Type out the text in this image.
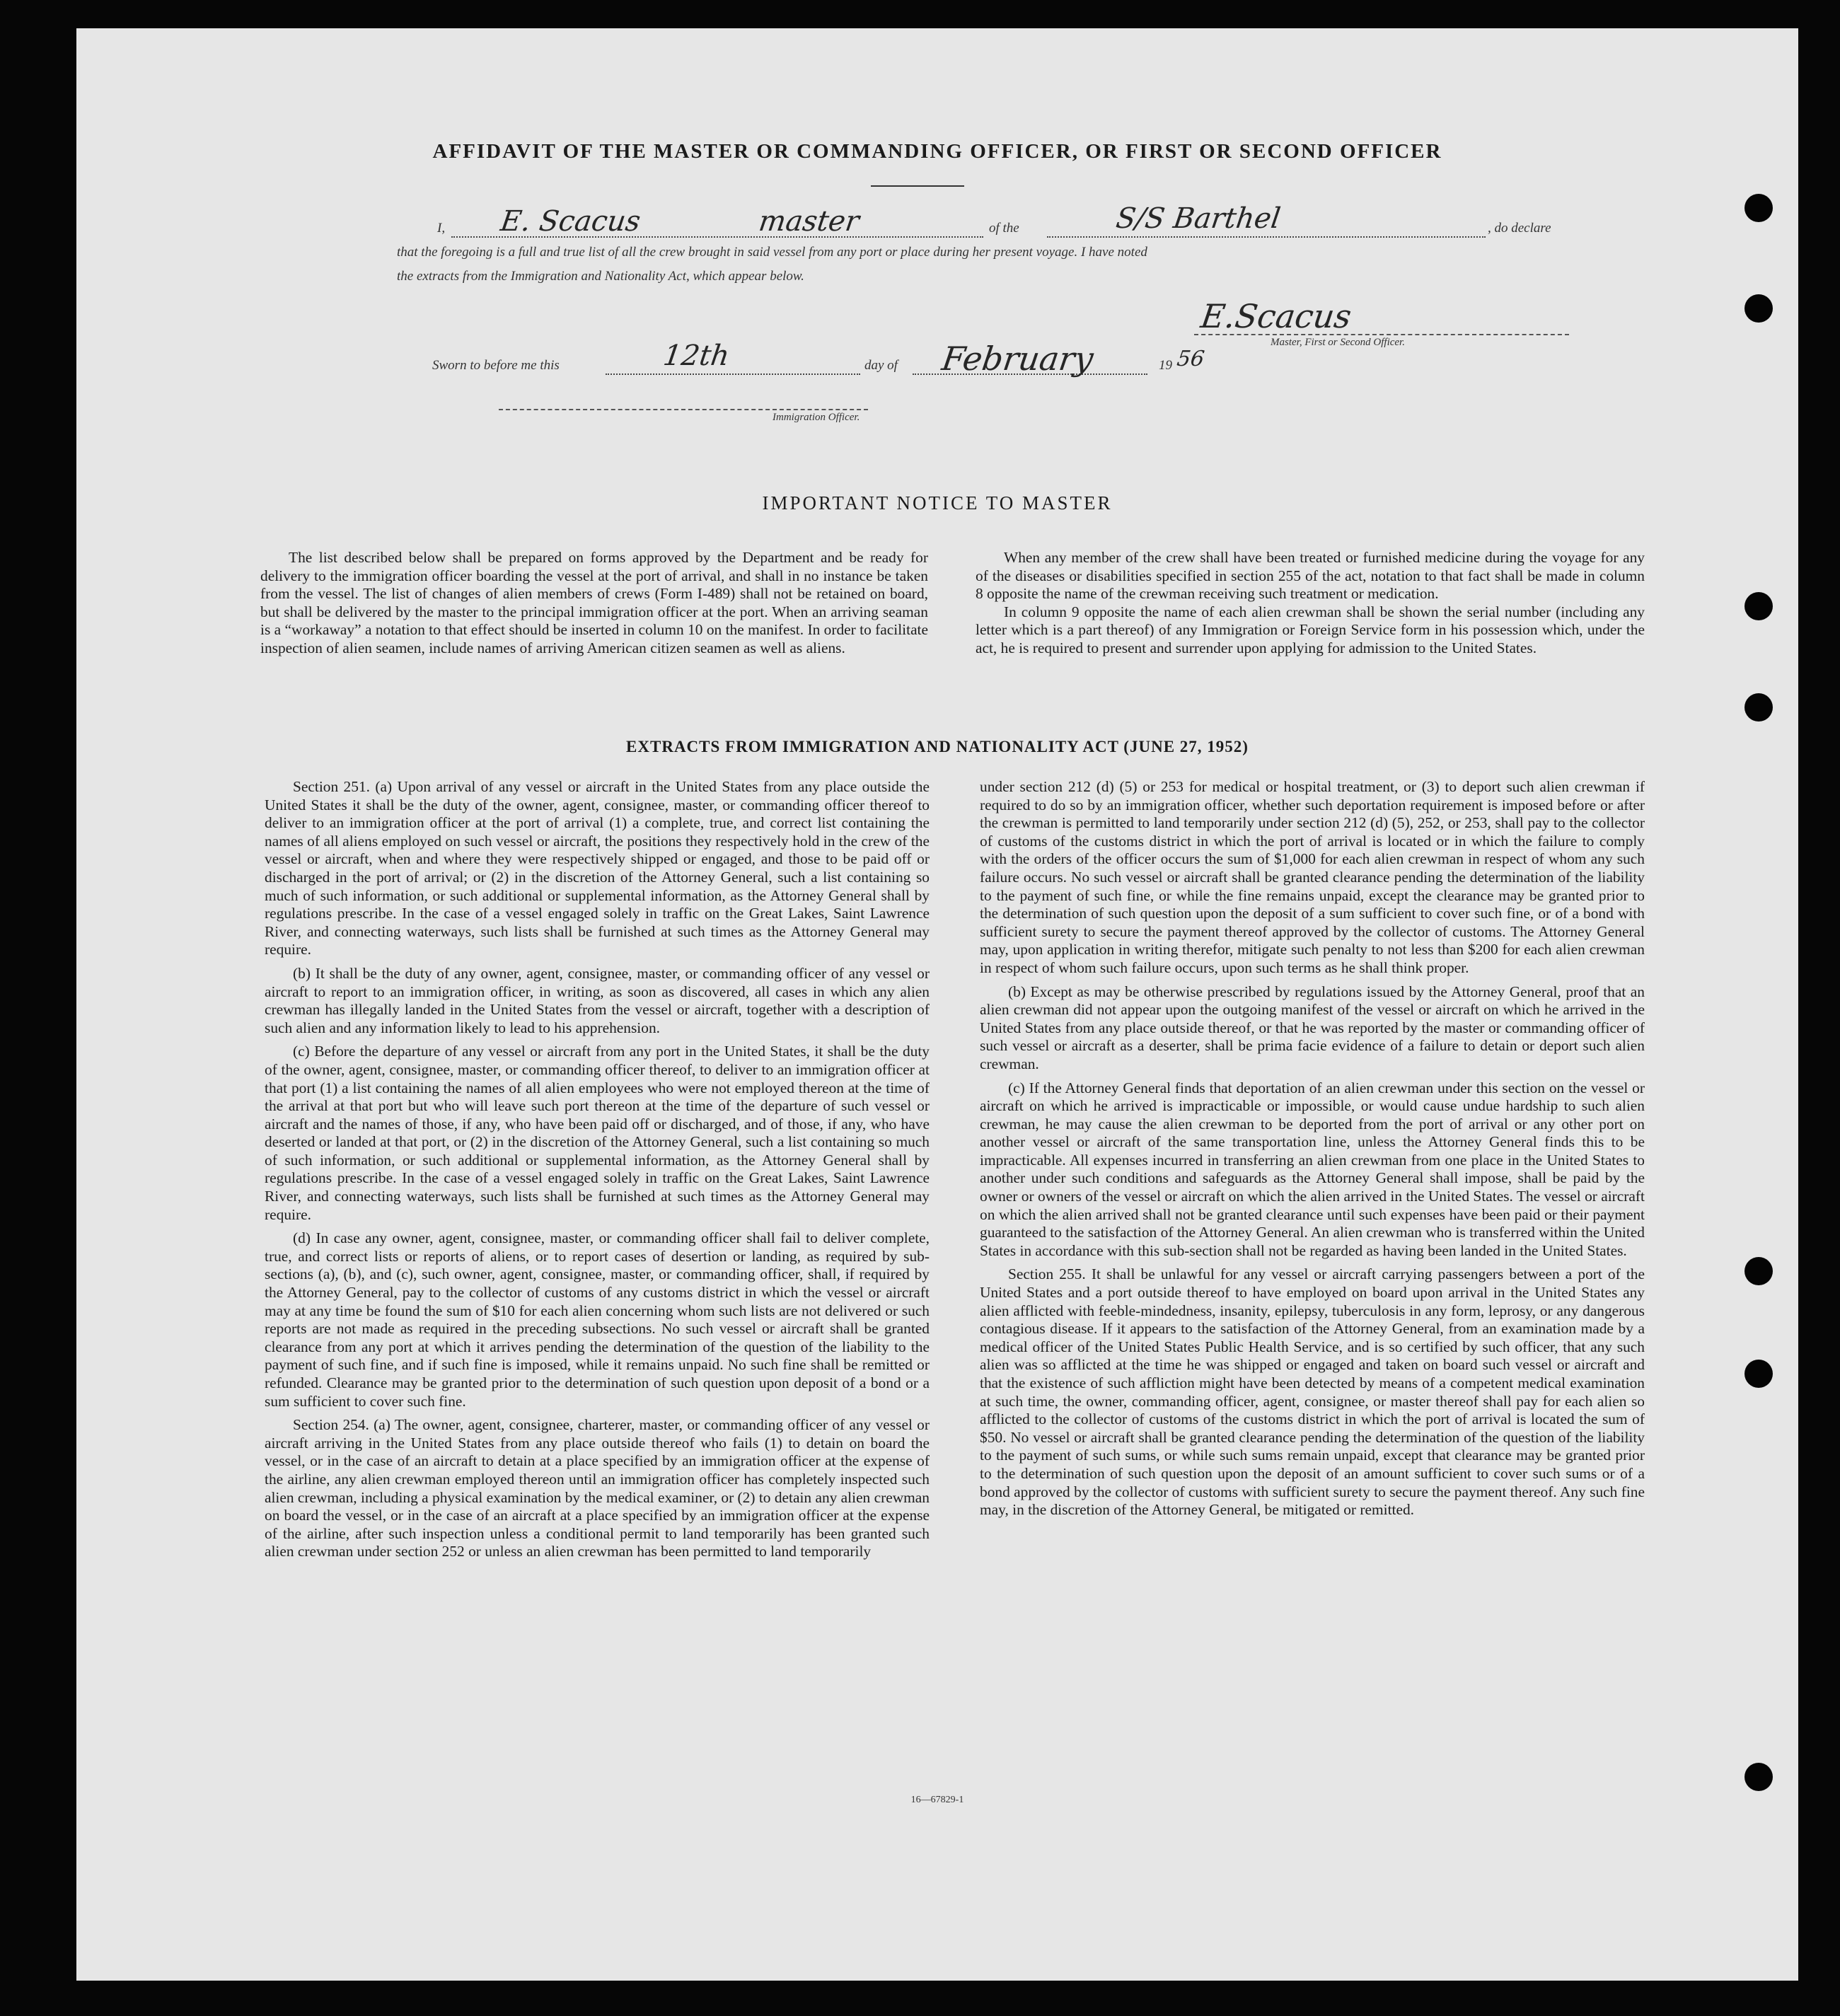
AFFIDAVIT OF THE MASTER OR COMMANDING OFFICER, OR FIRST OR SECOND OFFICER
I, E. Scacus	master	of the	S/S Barthel	, do declare
that the foregoing is a full and true list of all the crew brought in said vessel from any port or place during her present voyage. I have noted
the extracts from the Immigration and Nationality Act, which appear below.
E.Scacus
Master, First or Second Officer.
Sworn to before me this	12th	day of February	19 56
Immigration Officer.
IMPORTANT NOTICE TO MASTER

The list described below shall be prepared on forms approved by the Department and be ready for delivery to the immigration officer boarding the vessel at the port of arrival, and shall in no instance be taken from the vessel. The list of changes of alien members of crews (Form I-489) shall not be retained on board, but shall be delivered by the master to the principal immigration officer at the port. When an arriving seaman is a “workaway” a notation to that effect should be inserted in column 10 on the manifest. In order to facilitate inspection of alien seamen, include names of arriving American citizen seamen as well as aliens.

When any member of the crew shall have been treated or furnished medicine during the voyage for any of the diseases or disabilities specified in section 255 of the act, notation to that fact shall be made in column 8 opposite the name of the crewman receiving such treatment or medication.

In column 9 opposite the name of each alien crewman shall be shown the serial number (including any letter which is a part thereof) of any Immigration or Foreign Service form in his possession which, under the act, he is required to present and surrender upon applying for admission to the United States.

EXTRACTS FROM IMMIGRATION AND NATIONALITY ACT (JUNE 27, 1952)

Section 251. (a) Upon arrival of any vessel or aircraft in the United States from any place outside the United States it shall be the duty of the owner, agent, consignee, master, or commanding officer thereof to deliver to an immigration officer at the port of arrival (1) a complete, true, and correct list containing the names of all aliens employed on such vessel or aircraft, the positions they respectively hold in the crew of the vessel or aircraft, when and where they were respectively shipped or engaged, and those to be paid off or discharged in the port of arrival; or (2) in the discretion of the Attorney General, such a list containing so much of such information, or such additional or supplemental information, as the Attorney General shall by regulations prescribe. In the case of a vessel engaged solely in traffic on the Great Lakes, Saint Lawrence River, and connecting waterways, such lists shall be furnished at such times as the Attorney General may require.

(b) It shall be the duty of any owner, agent, consignee, master, or commanding officer of any vessel or aircraft to report to an immigration officer, in writing, as soon as discovered, all cases in which any alien crewman has illegally landed in the United States from the vessel or aircraft, together with a description of such alien and any information likely to lead to his apprehension.

(c) Before the departure of any vessel or aircraft from any port in the United States, it shall be the duty of the owner, agent, consignee, master, or commanding officer thereof, to deliver to an immigration officer at that port (1) a list containing the names of all alien employees who were not employed thereon at the time of the arrival at that port but who will leave such port thereon at the time of the departure of such vessel or aircraft and the names of those, if any, who have been paid off or discharged, and of those, if any, who have deserted or landed at that port, or (2) in the discretion of the Attorney General, such a list containing so much of such information, or such additional or supplemental information, as the Attorney General shall by regulations prescribe. In the case of a vessel engaged solely in traffic on the Great Lakes, Saint Lawrence River, and connecting waterways, such lists shall be furnished at such times as the Attorney General may require.

(d) In case any owner, agent, consignee, master, or commanding officer shall fail to deliver complete, true, and correct lists or reports of aliens, or to report cases of desertion or landing, as required by sub-sections (a), (b), and (c), such owner, agent, consignee, master, or commanding officer, shall, if required by the Attorney General, pay to the collector of customs of any customs district in which the vessel or aircraft may at any time be found the sum of $10 for each alien concerning whom such lists are not delivered or such reports are not made as required in the preceding subsections. No such vessel or aircraft shall be granted clearance from any port at which it arrives pending the determination of the question of the liability to the payment of such fine, and if such fine is imposed, while it remains unpaid. No such fine shall be remitted or refunded. Clearance may be granted prior to the determination of such question upon deposit of a bond or a sum sufficient to cover such fine.

Section 254. (a) The owner, agent, consignee, charterer, master, or commanding officer of any vessel or aircraft arriving in the United States from any place outside thereof who fails (1) to detain on board the vessel, or in the case of an aircraft to detain at a place specified by an immigration officer at the expense of the airline, any alien crewman employed thereon until an immigration officer has completely inspected such alien crewman, including a physical examination by the medical examiner, or (2) to detain any alien crewman on board the vessel, or in the case of an aircraft at a place specified by an immigration officer at the expense of the airline, after such inspection unless a conditional permit to land temporarily has been granted such alien crewman under section 252 or unless an alien crewman has been permitted to land temporarily

under section 212 (d) (5) or 253 for medical or hospital treatment, or (3) to deport such alien crewman if required to do so by an immigration officer, whether such deportation requirement is imposed before or after the crewman is permitted to land temporarily under section 212 (d) (5), 252, or 253, shall pay to the collector of customs of the customs district in which the port of arrival is located or in which the failure to comply with the orders of the officer occurs the sum of $1,000 for each alien crewman in respect of whom any such failure occurs. No such vessel or aircraft shall be granted clearance pending the determination of the liability to the payment of such fine, or while the fine remains unpaid, except the clearance may be granted prior to the determination of such question upon the deposit of a sum sufficient to cover such fine, or of a bond with sufficient surety to secure the payment thereof approved by the collector of customs. The Attorney General may, upon application in writing therefor, mitigate such penalty to not less than $200 for each alien crewman in respect of whom such failure occurs, upon such terms as he shall think proper.

(b) Except as may be otherwise prescribed by regulations issued by the Attorney General, proof that an alien crewman did not appear upon the outgoing manifest of the vessel or aircraft on which he arrived in the United States from any place outside thereof, or that he was reported by the master or commanding officer of such vessel or aircraft as a deserter, shall be prima facie evidence of a failure to detain or deport such alien crewman.

(c) If the Attorney General finds that deportation of an alien crewman under this section on the vessel or aircraft on which he arrived is impracticable or impossible, or would cause undue hardship to such alien crewman, he may cause the alien crewman to be deported from the port of arrival or any other port on another vessel or aircraft of the same transportation line, unless the Attorney General finds this to be impracticable. All expenses incurred in transferring an alien crewman from one place in the United States to another under such conditions and safeguards as the Attorney General shall impose, shall be paid by the owner or owners of the vessel or aircraft on which the alien arrived in the United States. The vessel or aircraft on which the alien arrived shall not be granted clearance until such expenses have been paid or their payment guaranteed to the satisfaction of the Attorney General. An alien crewman who is transferred within the United States in accordance with this sub-section shall not be regarded as having been landed in the United States.

Section 255. It shall be unlawful for any vessel or aircraft carrying passengers between a port of the United States and a port outside thereof to have employed on board upon arrival in the United States any alien afflicted with feeble-mindedness, insanity, epilepsy, tuberculosis in any form, leprosy, or any dangerous contagious disease. If it appears to the satisfaction of the Attorney General, from an examination made by a medical officer of the United States Public Health Service, and is so certified by such officer, that any such alien was so afflicted at the time he was shipped or engaged and taken on board such vessel or aircraft and that the existence of such affliction might have been detected by means of a competent medical examination at such time, the owner, commanding officer, agent, consignee, or master thereof shall pay for each alien so afflicted to the collector of customs of the customs district in which the port of arrival is located the sum of $50. No vessel or aircraft shall be granted clearance pending the determination of the question of the liability to the payment of such sums, or while such sums remain unpaid, except that clearance may be granted prior to the determination of such question upon the deposit of an amount sufficient to cover such sums or of a bond approved by the collector of customs with sufficient surety to secure the payment thereof. Any such fine may, in the discretion of the Attorney General, be mitigated or remitted.

16—67829-1
